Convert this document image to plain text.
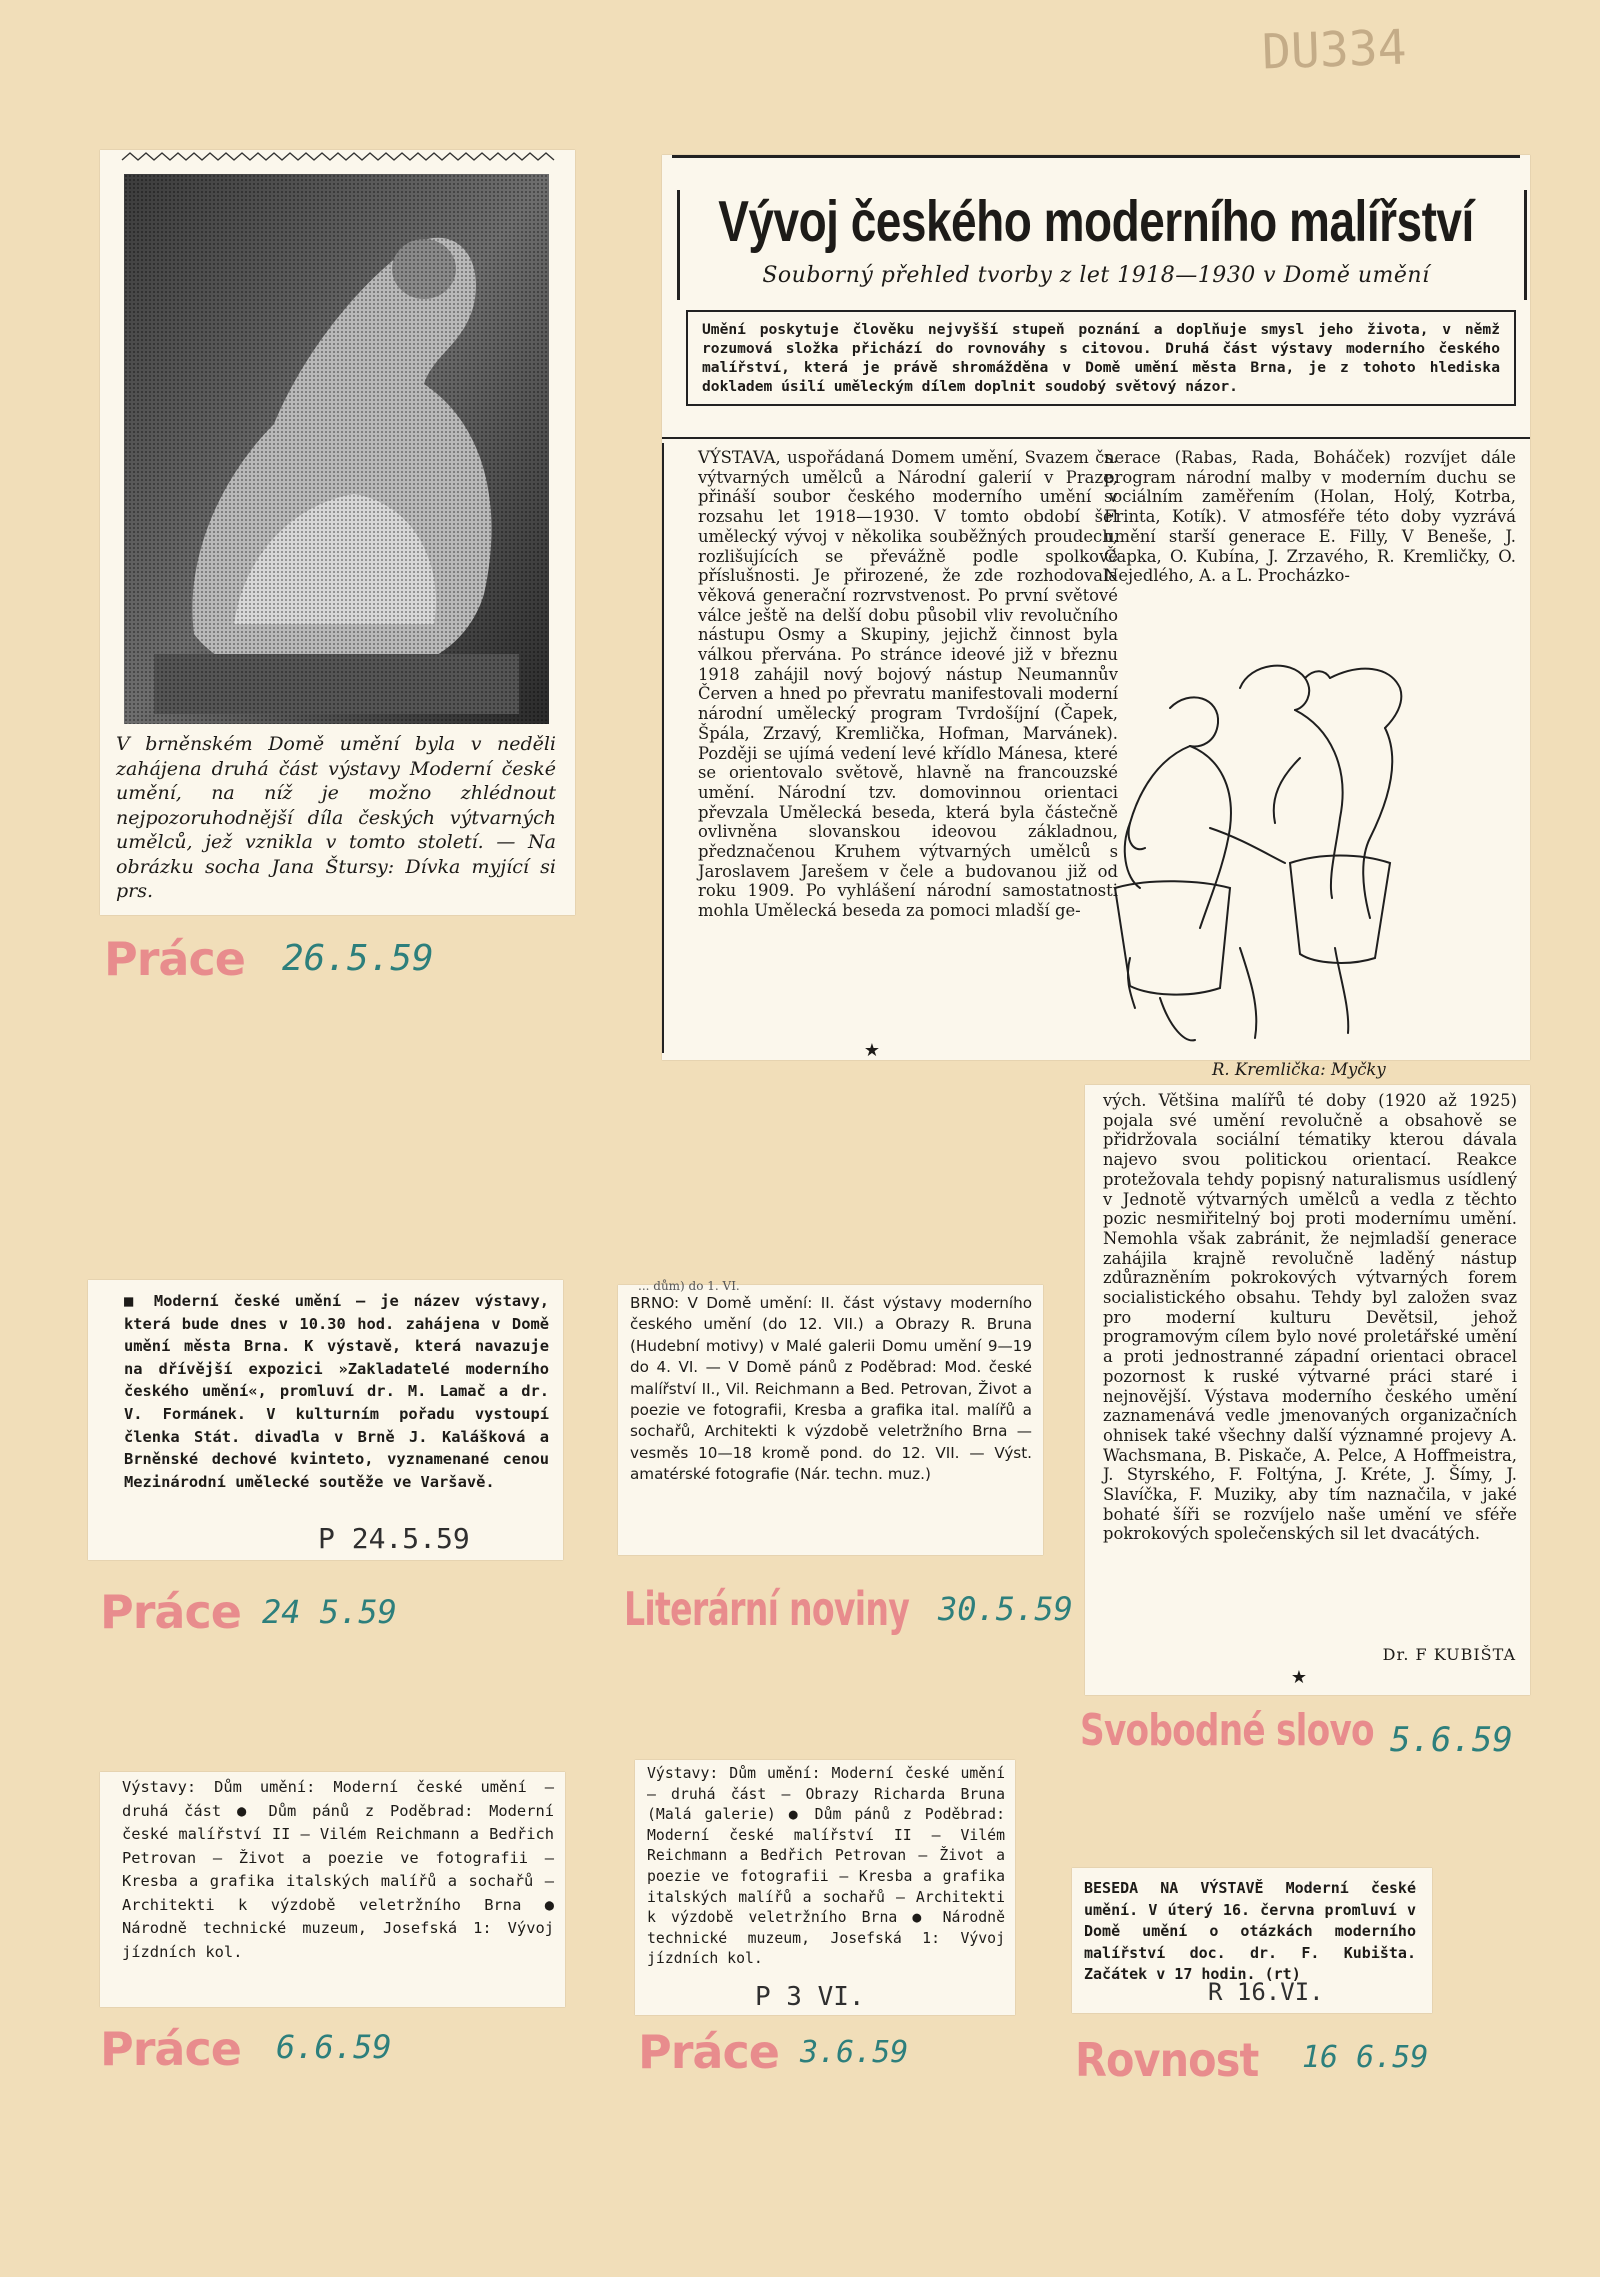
DU334
V brněnském Domě umění byla v neděli zahájena druhá část výstavy Moderní české umění, na níž je možno zhlédnout nejpozoruhodnější díla českých výtvarných umělců, jež vznikla v tomto století. — Na obrázku socha Jana Štursy: Dívka myjící si prs.
Práce 26.5.59
Vývoj českého moderního malířství
Souborný přehled tvorby z let 1918—1930 v Domě umění
Umění poskytuje člověku nejvyšší stupeň poznání a doplňuje smysl jeho života, v němž rozumová složka přichází do rovnováhy s citovou. Druhá část výstavy moderního českého malířství, která je právě shromážděna v Domě umění města Brna, je z tohoto hlediska dokladem úsilí uměleckým dílem doplnit soudobý světový názor.
VÝSTAVA, uspořádaná Domem umění, Svazem čs. výtvarných umělců a Národní galerií v Praze, přináší soubor českého moderního umění v rozsahu let 1918—1930. V tomto období šel umělecký vývoj v několika souběžných proudech, rozlišujících se převážně podle spolkové příslušnosti. Je přirozené, že zde rozhodovala věková generační rozrvstvenost. Po první světové válce ještě na delší dobu působil vliv revolučního nástupu Osmy a Skupiny, jejichž činnost byla válkou přervána. Po stránce ideové již v březnu 1918 zahájil nový bojový nástup Neumannův Červen a hned po převratu manifestovali moderní národní umělecký program Tvrdošíjní (Čapek, Špála, Zrzavý, Kremlička, Hofman, Marvánek). Později se ujímá vedení levé křídlo Mánesa, které se orientovalo světově, hlavně na francouzské umění. Národní tzv. domovinnou orientaci převzala Umělecká beseda, která byla částečně ovlivněna slovanskou ideovou základnou, předznačenou Kruhem výtvarných umělců s Jaroslavem Jarešem v čele a budovanou již od roku 1909. Po vyhlášení národní samostatnosti mohla Umělecká beseda za pomoci mladší ge-
nerace (Rabas, Rada, Boháček) rozvíjet dále program národní malby v moderním duchu se sociálním zaměřením (Holan, Holý, Kotrba, Frinta, Kotík). V atmosféře této doby vyzrává umění starší generace E. Filly, V Beneše, J. Čapka, O. Kubína, J. Zrzavého, R. Kremličky, O. Nejedlého, A. a L. Procházko-
★
R. Kremlička: Myčky
vých. Většina malířů té doby (1920 až 1925) pojala své umění revolučně a obsahově se přidržovala sociální tématiky kterou dávala najevo svou politickou orientací. Reakce protežovala tehdy popisný naturalismus usídlený v Jednotě výtvarných umělců a vedla z těchto pozic nesmiřitelný boj proti modernímu umění. Nemohla však zabránit, že nejmladší generace zahájila krajně revolučně laděný nástup zdůrazněním pokrokových výtvarných forem socialistického obsahu. Tehdy byl založen svaz pro moderní kulturu Devětsil, jehož programovým cílem bylo nové proletářské umění a proti jednostranné západní orientaci obracel pozornost k ruské výtvarné práci staré i nejnovější. Výstava moderního českého umění zaznamenává vedle jmenovaných organizačních ohnisek také všechny další významné projevy A. Wachsmana, B. Piskače, A. Pelce, A Hoffmeistra, J. Styrského, F. Foltýna, J. Kréte, J. Šímy, J. Slavíčka, F. Muziky, aby tím naznačila, v jaké bohaté šíři se rozvíjelo naše umění ve sféře pokrokových společenských sil let dvacátých.
Dr. F KUBIŠTA
★
Svobodné slovo 5.6.59
■ Moderní české umění — je název výstavy, která bude dnes v 10.30 hod. zahájena v Domě umění města Brna. K výstavě, která navazuje na dřívější expozici »Zakladatelé moderního českého umění«, promluví dr. M. Lamač a dr. V. Formánek. V kulturním pořadu vystoupí členka Stát. divadla v Brně J. Kalášková a Brněnské dechové kvinteto, vyznamenané cenou Mezinárodní umělecké soutěže ve Varšavě.
P 24.5.59
Práce 24 5.59
... dům) do 1. VI.
BRNO: V Domě umění: II. část výstavy moderního českého umění (do 12. VII.) a Obrazy R. Bruna (Hudební motivy) v Malé galerii Domu umění 9—19 do 4. VI. — V Domě pánů z Poděbrad: Mod. české malířství II., Vil. Reichmann a Bed. Petrovan, Život a poezie ve fotografii, Kresba a grafika ital. malířů a sochařů, Architekti k výzdobě veletržního Brna — vesměs 10—18 kromě pond. do 12. VII. — Výst. amatérské fotografie (Nár. techn. muz.)
Literární noviny 30.5.59
Výstavy: Dům umění: Moderní české umění — druhá část ● Dům pánů z Poděbrad: Moderní české malířství II — Vilém Reichmann a Bedřich Petrovan — Život a poezie ve fotografii — Kresba a grafika italských malířů a sochařů — Architekti k výzdobě veletržního Brna ● Národně technické muzeum, Josefská 1: Vývoj jízdních kol.
Práce 6.6.59
Výstavy: Dům umění: Moderní české umění — druhá část — Obrazy Richarda Bruna (Malá galerie) ● Dům pánů z Poděbrad: Moderní české malířství II — Vilém Reichmann a Bedřich Petrovan — Život a poezie ve fotografii — Kresba a grafika italských malířů a sochařů — Architekti k výzdobě veletržního Brna ● Národně technické muzeum, Josefská 1: Vývoj jízdních kol.
P 3 VI.
Práce 3.6.59
BESEDA NA VÝSTAVĚ Moderní české umění. V úterý 16. června promluví v Domě umění o otázkách moderního malířství doc. dr. F. Kubišta. Začátek v 17 hodin. (rt)
R 16.VI.
Rovnost 16 6.59
